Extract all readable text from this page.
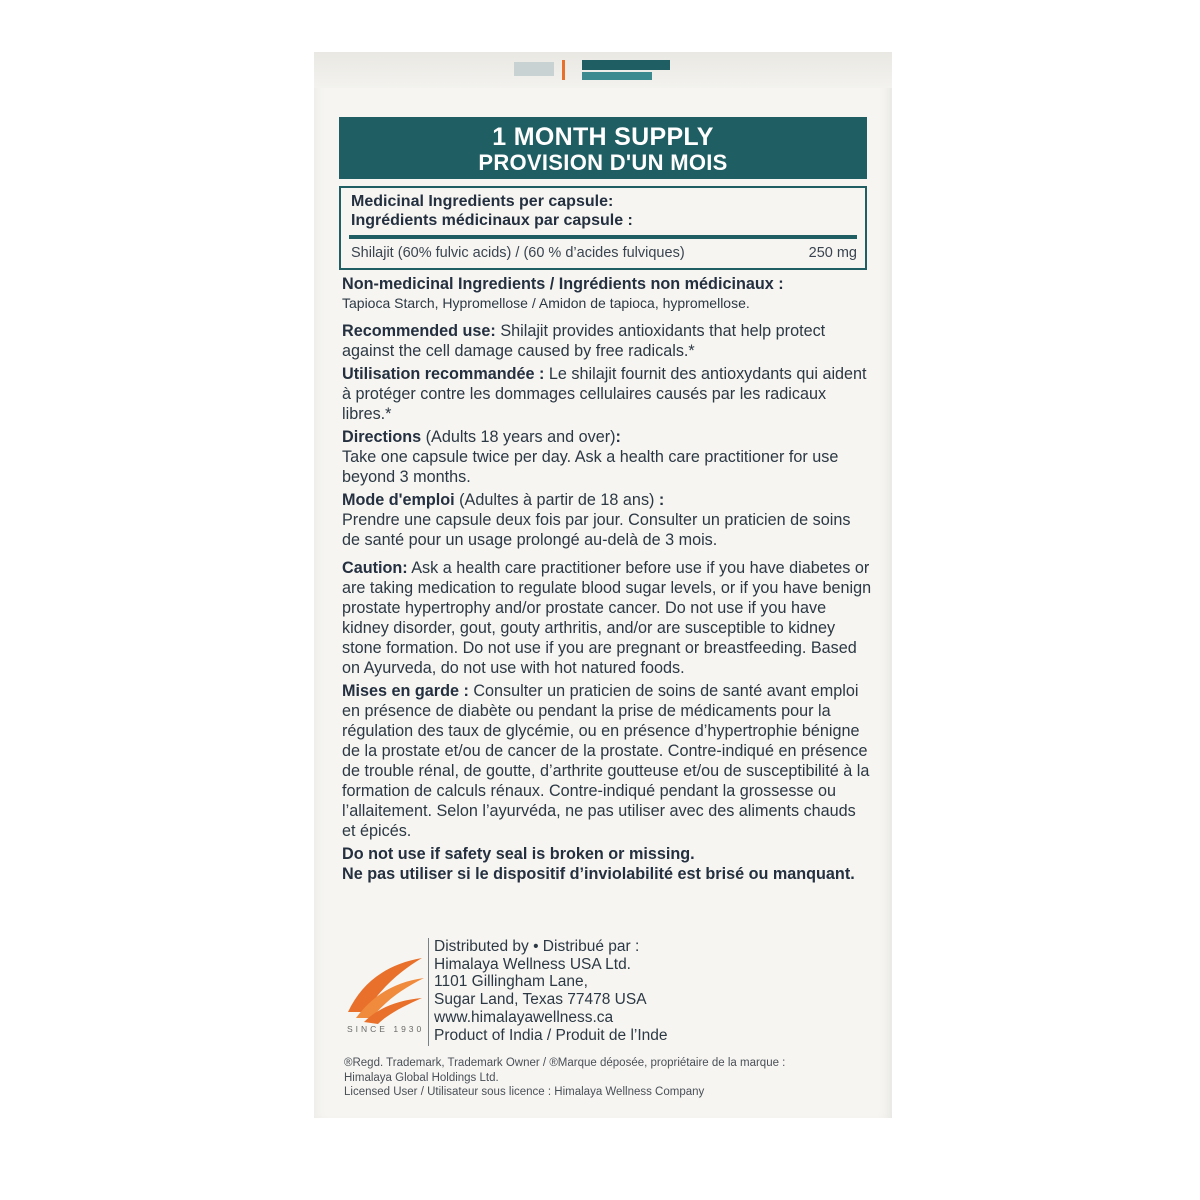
1 MONTH SUPPLY
PROVISION D'UN MOIS
Medicinal Ingredients per capsule:
Ingrédients médicinaux par capsule :
Shilajit (60% fulvic acids) / (60 % d’acides fulviques)	250 mg

Non-medicinal Ingredients / Ingrédients non médicinaux :

Tapioca Starch, Hypromellose / Amidon de tapioca, hypromellose.

Recommended use: Shilajit provides antioxidants that help protect against the cell damage caused by free radicals.*

Utilisation recommandée : Le shilajit fournit des antioxydants qui aident à protéger contre les dommages cellulaires causés par les radicaux libres.*

Directions (Adults 18 years and over):

Take one capsule twice per day. Ask a health care practitioner for use beyond 3 months.

Mode d'emploi (Adultes à partir de 18 ans) :

Prendre une capsule deux fois par jour. Consulter un praticien de soins de santé pour un usage prolongé au-delà de 3 mois.

Caution: Ask a health care practitioner before use if you have diabetes or are taking medication to regulate blood sugar levels, or if you have benign prostate hypertrophy and/or prostate cancer. Do not use if you have kidney disorder, gout, gouty arthritis, and/or are susceptible to kidney stone formation. Do not use if you are pregnant or breastfeeding. Based on Ayurveda, do not use with hot natured foods.

Mises en garde : Consulter un praticien de soins de santé avant emploi en présence de diabète ou pendant la prise de médicaments pour la régulation des taux de glycémie, ou en présence d’hypertrophie bénigne de la prostate et/ou de cancer de la prostate. Contre-indiqué en présence de trouble rénal, de goutte, d’arthrite goutteuse et/ou de susceptibilité à la formation de calculs rénaux. Contre-indiqué pendant la grossesse ou l’allaitement. Selon l’ayurvéda, ne pas utiliser avec des aliments chauds et épicés.

Do not use if safety seal is broken or missing.

Ne pas utiliser si le dispositif d’inviolabilité est brisé ou manquant.

SINCE 1930
Distributed by • Distribué par :
Himalaya Wellness USA Ltd.
1101 Gillingham Lane,
Sugar Land, Texas 77478 USA
www.himalayawellness.ca
Product of India / Produit de l’Inde
®Regd. Trademark, Trademark Owner / ®Marque déposée, propriétaire de la marque :
Himalaya Global Holdings Ltd.
Licensed User / Utilisateur sous licence : Himalaya Wellness Company
